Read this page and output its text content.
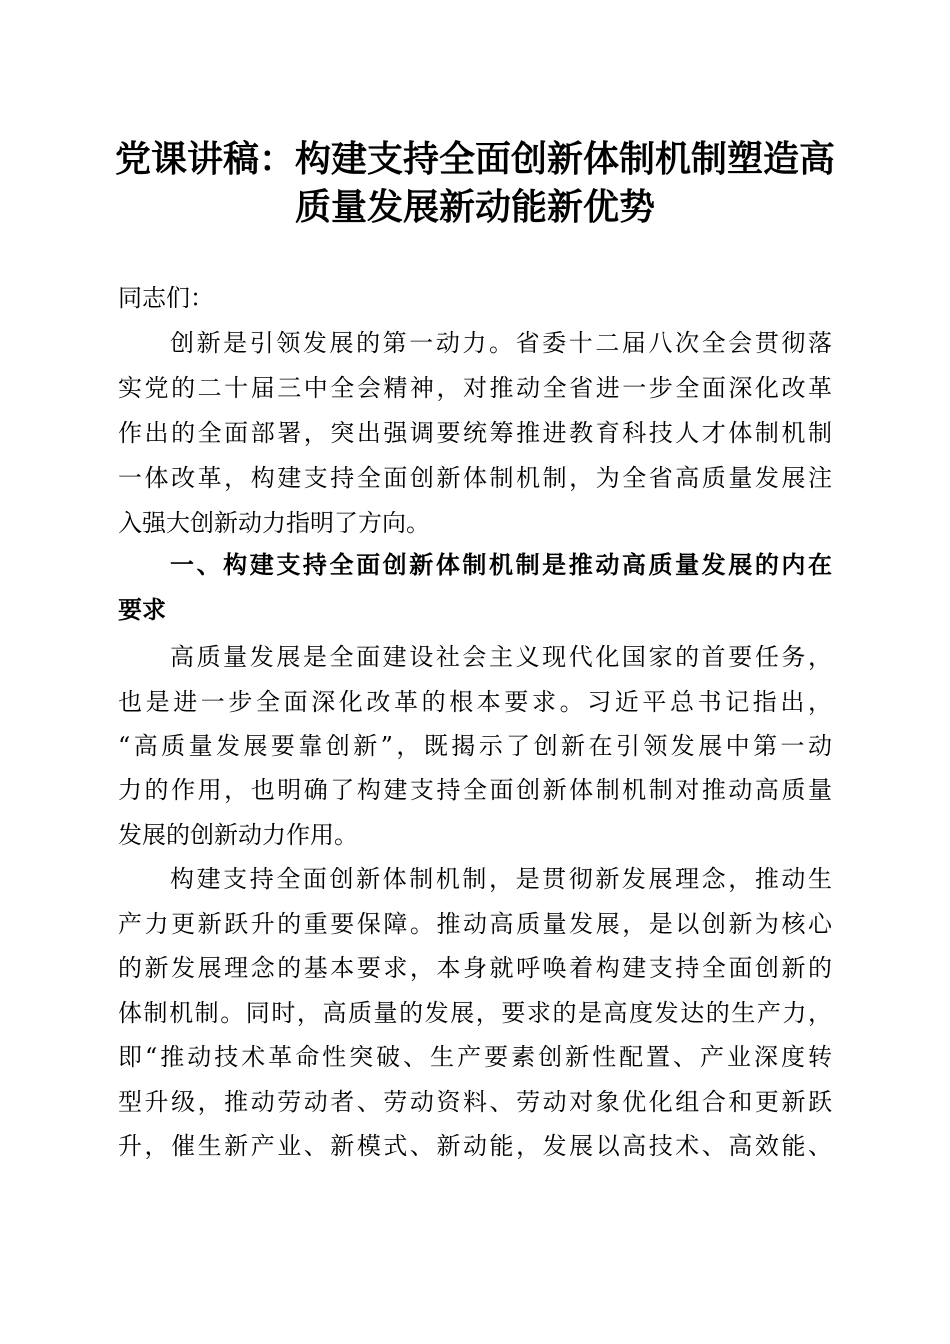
党课讲稿：构建支持全面创新体制机制塑造高
质量发展新动能新优势
同志们：
创新是引领发展的第一动力。省委十二届八次全会贯彻落
实党的二十届三中全会精神，对推动全省进一步全面深化改革
作出的全面部署，突出强调要统筹推进教育科技人才体制机制
一体改革，构建支持全面创新体制机制，为全省高质量发展注
入强大创新动力指明了方向。
一、构建支持全面创新体制机制是推动高质量发展的内在
要求
高质量发展是全面建设社会主义现代化国家的首要任务，
也是进一步全面深化改革的根本要求。习近平总书记指出，
“高质量发展要靠创新”，既揭示了创新在引领发展中第一动
力的作用，也明确了构建支持全面创新体制机制对推动高质量
发展的创新动力作用。
构建支持全面创新体制机制，是贯彻新发展理念，推动生
产力更新跃升的重要保障。推动高质量发展，是以创新为核心
的新发展理念的基本要求，本身就呼唤着构建支持全面创新的
体制机制。同时，高质量的发展，要求的是高度发达的生产力，
即“推动技术革命性突破、生产要素创新性配置、产业深度转
型升级，推动劳动者、劳动资料、劳动对象优化组合和更新跃
升，催生新产业、新模式、新动能，发展以高技术、高效能、
